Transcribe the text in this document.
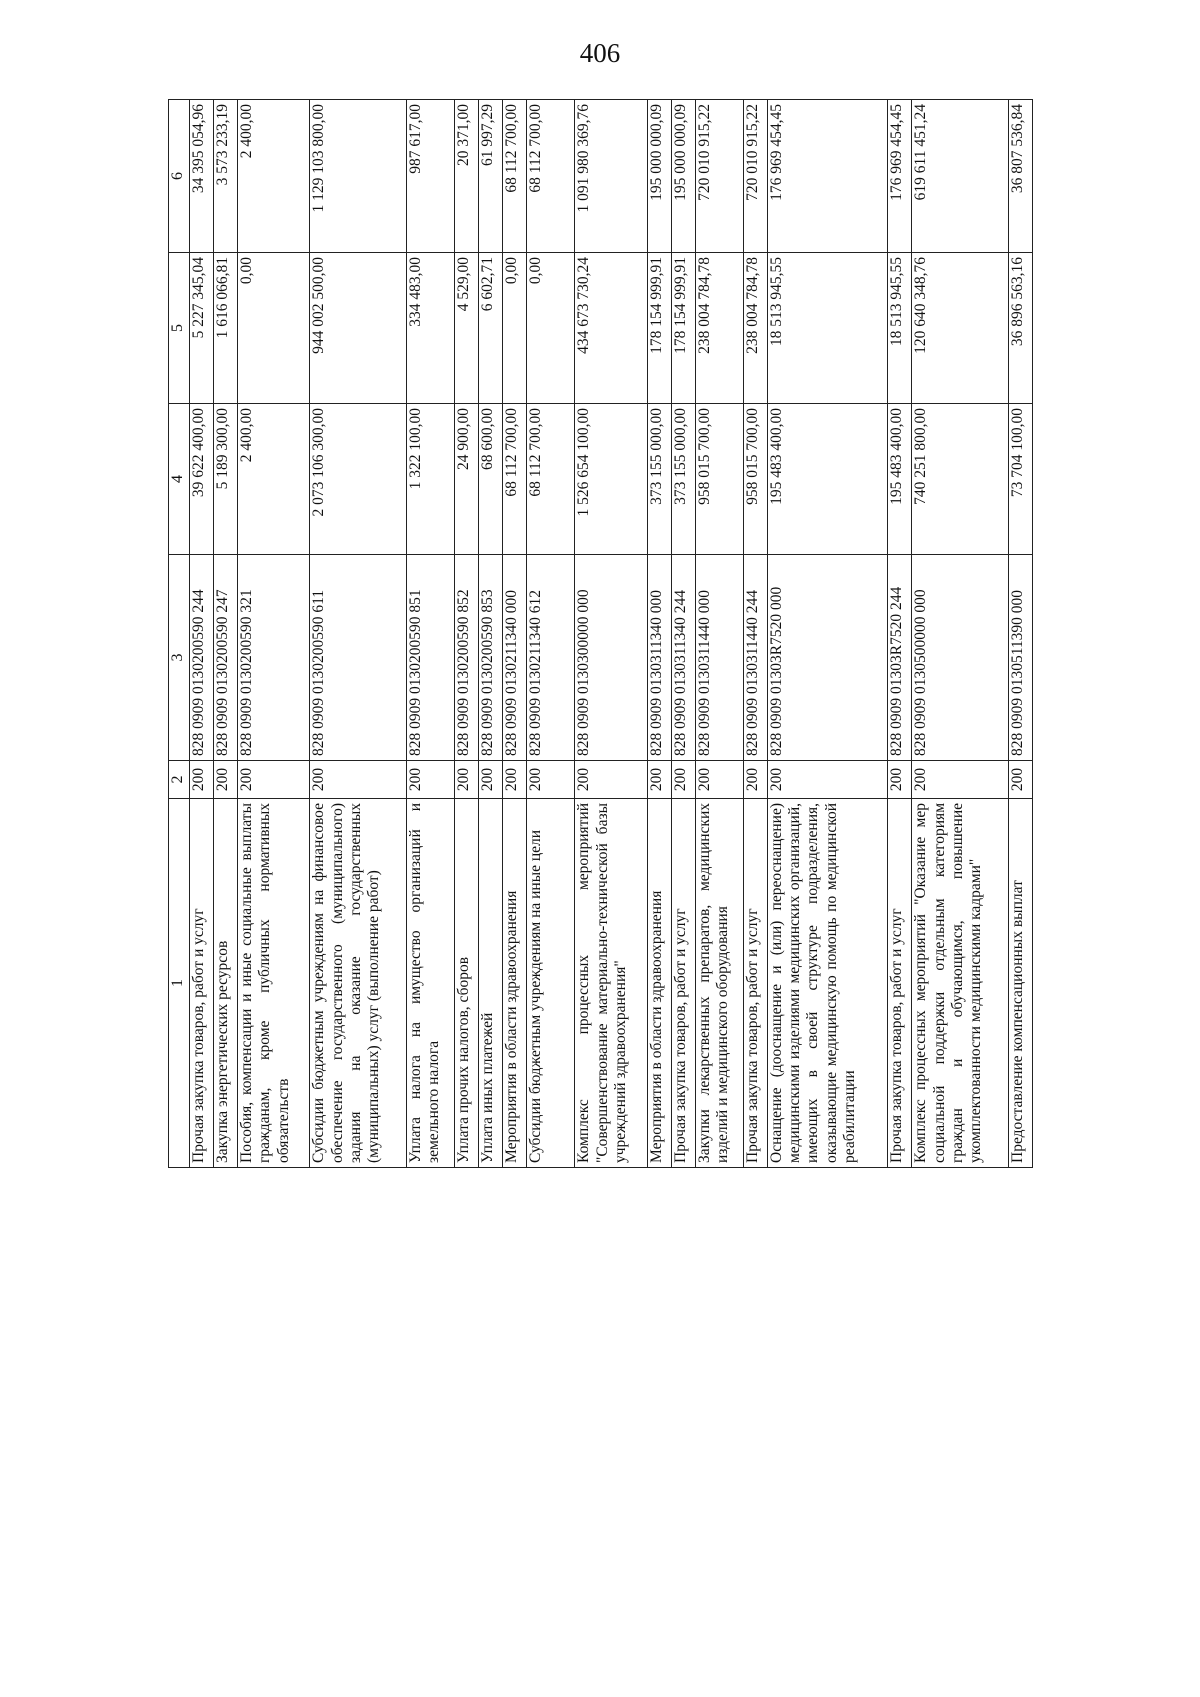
406
1	2	3	4	5	6
Прочая закупка товаров, работ и услуг	200	828 0909 0130200590 244	39 622 400,00	5 227 345,04	34 395 054,96
Закупка энергетических ресурсов	200	828 0909 0130200590 247	5 189 300,00	1 616 066,81	3 573 233,19
Пособия, компенсации и иные социальные выплаты гражданам, кроме публичных нормативных обязательств	200	828 0909 0130200590 321	2 400,00	0,00	2 400,00
Субсидии бюджетным учреждениям на финансовое обеспечение государственного (муниципального) задания на оказание государственных (муниципальных) услуг (выполнение работ)	200	828 0909 0130200590 611	2 073 106 300,00	944 002 500,00	1 129 103 800,00
Уплата налога на имущество организаций и земельного налога	200	828 0909 0130200590 851	1 322 100,00	334 483,00	987 617,00
Уплата прочих налогов, сборов	200	828 0909 0130200590 852	24 900,00	4 529,00	20 371,00
Уплата иных платежей	200	828 0909 0130200590 853	68 600,00	6 602,71	61 997,29
Мероприятия в области здравоохранения	200	828 0909 0130211340 000	68 112 700,00	0,00	68 112 700,00
Субсидии бюджетным учреждениям на иные цели	200	828 0909 0130211340 612	68 112 700,00	0,00	68 112 700,00
Комплекс процессных мероприятий "Совершенствование материально-технической базы учреждений здравоохранения"	200	828 0909 0130300000 000	1 526 654 100,00	434 673 730,24	1 091 980 369,76
Мероприятия в области здравоохранения	200	828 0909 0130311340 000	373 155 000,00	178 154 999,91	195 000 000,09
Прочая закупка товаров, работ и услуг	200	828 0909 0130311340 244	373 155 000,00	178 154 999,91	195 000 000,09
Закупки лекарственных препаратов, медицинских изделий и медицинского оборудования	200	828 0909 0130311440 000	958 015 700,00	238 004 784,78	720 010 915,22
Прочая закупка товаров, работ и услуг	200	828 0909 0130311440 244	958 015 700,00	238 004 784,78	720 010 915,22
Оснащение (дооснащение и (или) переоснащение) медицинскими изделиями медицинских организаций, имеющих в своей структуре подразделения, оказывающие медицинскую помощь по медицинской реабилитации	200	828 0909 01303R7520 000	195 483 400,00	18 513 945,55	176 969 454,45
Прочая закупка товаров, работ и услуг	200	828 0909 01303R7520 244	195 483 400,00	18 513 945,55	176 969 454,45
Комплекс процессных мероприятий "Оказание мер социальной поддержки отдельным категориям граждан и обучающимся, повышение укомплектованности медицинскими кадрами"	200	828 0909 0130500000 000	740 251 800,00	120 640 348,76	619 611 451,24
Предоставление компенсационных выплат	200	828 0909 0130511390 000	73 704 100,00	36 896 563,16	36 807 536,84
